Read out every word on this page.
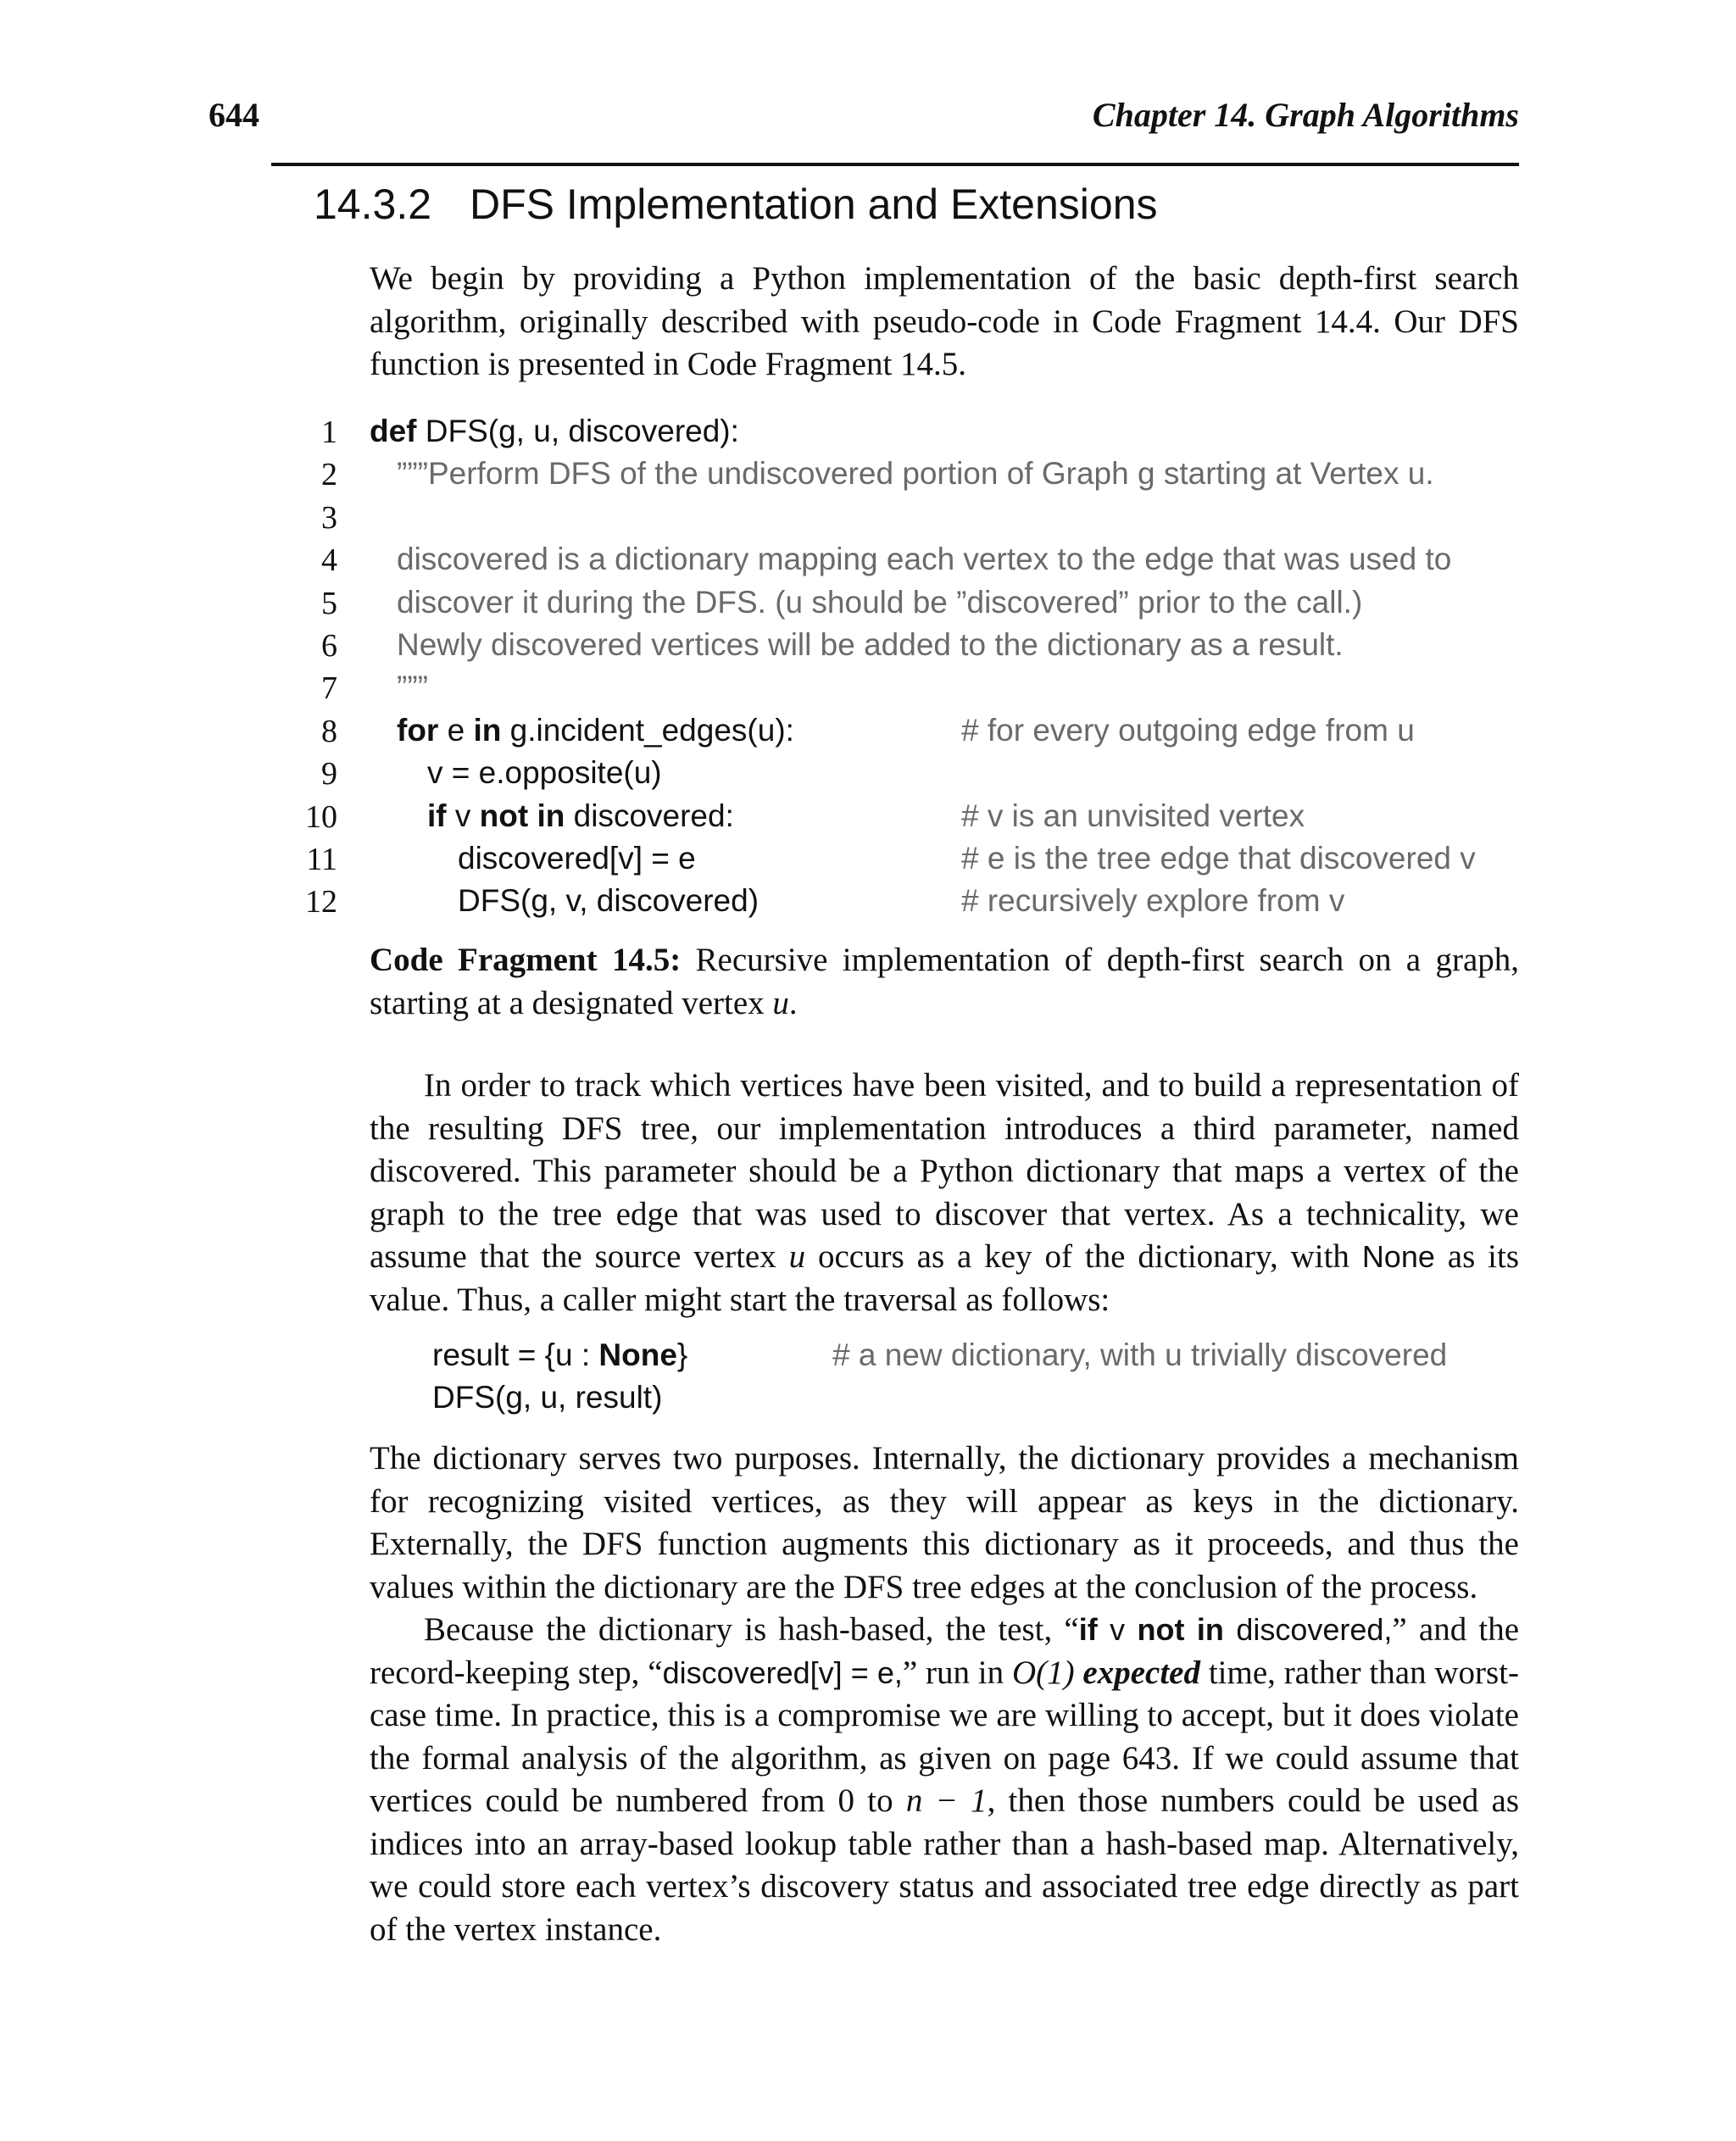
644	Chapter 14. Graph Algorithms
14.3.2 DFS Implementation and Extensions

We begin by providing a Python implementation of the basic depth-first search algorithm, originally described with pseudo-code in Code Fragment 14.4. Our DFS function is presented in Code Fragment 14.5.

1 def DFS(g, u, discovered):
2 ”””Perform DFS of the undiscovered portion of Graph g starting at Vertex u.
3
4 discovered is a dictionary mapping each vertex to the edge that was used to
5 discover it during the DFS. (u should be ”discovered” prior to the call.)
6 Newly discovered vertices will be added to the dictionary as a result.
7 ”””
8 for e in g.incident_edges(u):	# for every outgoing edge from u
9	v = e.opposite(u)
10	if v not in discovered:	# v is an unvisited vertex
11	discovered[v] = e	# e is the tree edge that discovered v
12	DFS(g, v, discovered)	# recursively explore from v
Code Fragment 14.5: Recursive implementation of depth-first search on a graph, starting at a designated vertex u.

In order to track which vertices have been visited, and to build a representation of the resulting DFS tree, our implementation introduces a third parameter, named discovered. This parameter should be a Python dictionary that maps a vertex of the graph to the tree edge that was used to discover that vertex. As a technicality, we assume that the source vertex u occurs as a key of the dictionary, with None as its value. Thus, a caller might start the traversal as follows:

result = {u : None}	# a new dictionary, with u trivially discovered
DFS(g, u, result)

The dictionary serves two purposes. Internally, the dictionary provides a mechanism for recognizing visited vertices, as they will appear as keys in the dictionary. Externally, the DFS function augments this dictionary as it proceeds, and thus the values within the dictionary are the DFS tree edges at the conclusion of the process.

Because the dictionary is hash-based, the test, “if v not in discovered,” and the record-keeping step, “discovered[v] = e,” run in O(1) expected time, rather than worst-case time. In practice, this is a compromise we are willing to accept, but it does violate the formal analysis of the algorithm, as given on page 643. If we could assume that vertices could be numbered from 0 to n − 1, then those numbers could be used as indices into an array-based lookup table rather than a hash-based map. Alternatively, we could store each vertex’s discovery status and associated tree edge directly as part of the vertex instance.
